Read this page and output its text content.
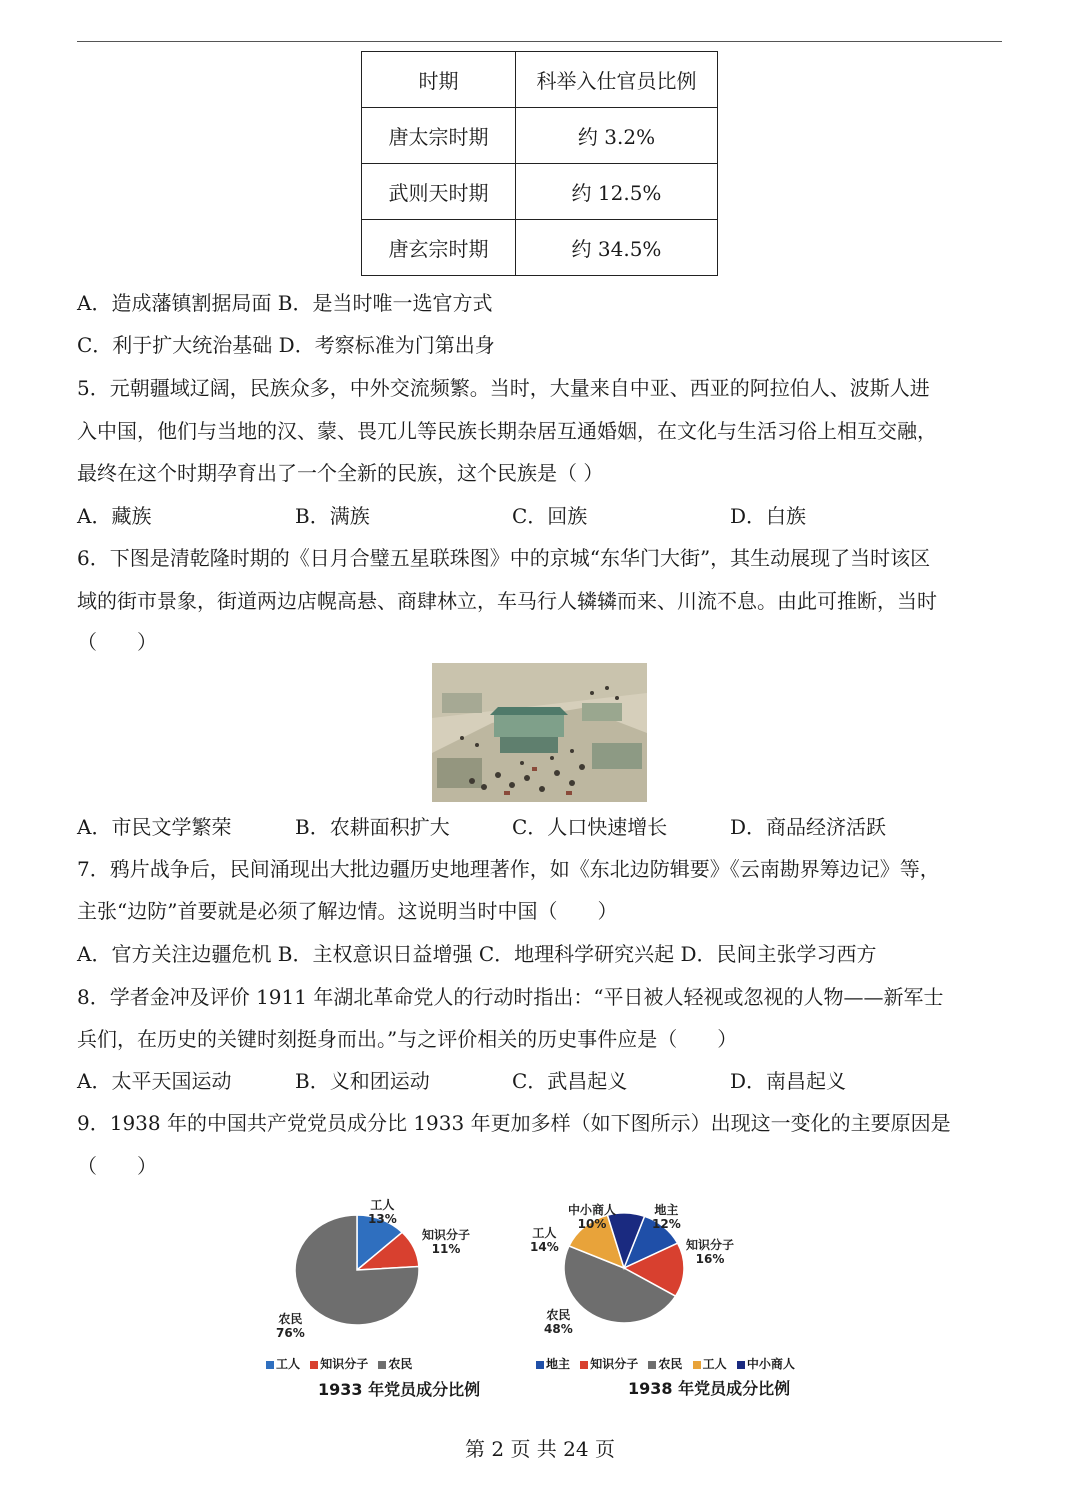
时期	科举入仕官员比例
唐太宗时期	约 3.2%
武则天时期	约 12.5%
唐玄宗时期	约 34.5%
A．造成藩镇割据局面 B．是当时唯一选官方式
C．利于扩大统治基础 D．考察标准为门第出身
5．元朝疆域辽阔，民族众多，中外交流频繁。当时，大量来自中亚、西亚的阿拉伯人、波斯人进
入中国，他们与当地的汉、蒙、畏兀儿等民族长期杂居互通婚姻，在文化与生活习俗上相互交融，
最终在这个时期孕育出了一个全新的民族，这个民族是（ ）
A．藏族	B．满族	C．回族	D．白族
6．下图是清乾隆时期的《日月合璧五星联珠图》中的京城“东华门大街”，其生动展现了当时该区
域的街市景象，街道两边店幌高悬、商肆林立，车马行人辚辚而来、川流不息。由此可推断，当时
（　　）
A．市民文学繁荣	B．农耕面积扩大	C．人口快速增长	D．商品经济活跃
7．鸦片战争后，民间涌现出大批边疆历史地理著作，如《东北边防辑要》《云南勘界筹边记》等，
主张“边防”首要就是必须了解边情。这说明当时中国（　　）
A．官方关注边疆危机 B．主权意识日益增强 C．地理科学研究兴起 D．民间主张学习西方
8．学者金冲及评价 1911 年湖北革命党人的行动时指出：“平日被人轻视或忽视的人物——新军士
兵们，在历史的关键时刻挺身而出。”与之评价相关的历史事件应是（　　）
A．太平天国运动	B．义和团运动	C．武昌起义	D．南昌起义
9．1938 年的中国共产党党员成分比 1933 年更加多样（如下图所示）出现这一变化的主要原因是
（　　）
工人
13%
知识分子
11%
农民
76%
工人 知识分子 农民
1933 年党员成分比例
中小商人
10%
地主
12%
工人
14%	知识分子
16%
农民
48%
地主 知识分子 农民 工人 中小商人
1938 年党员成分比例
第 2 页 共 24 页
